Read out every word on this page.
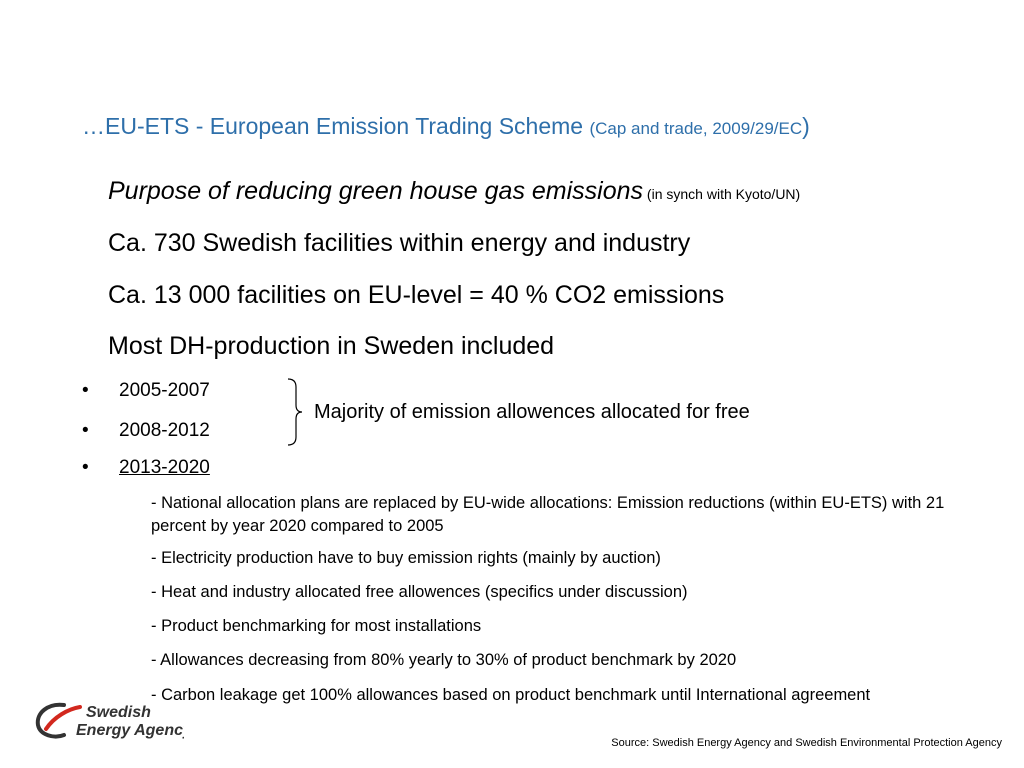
…EU-ETS - European Emission Trading Scheme (Cap and trade, 2009/29/EC)
Purpose of reducing green house gas emissions (in synch with Kyoto/UN)
Ca. 730 Swedish facilities within energy and industry
Ca. 13 000 facilities on EU-level = 40 % CO2 emissions
Most DH-production in Sweden included
• 2005-2007
• 2008-2012
• 2013-2020
Majority of emission allowences allocated for free
- National allocation plans are replaced by EU-wide allocations: Emission reductions (within EU-ETS) with 21 percent by year 2020 compared to 2005
- Electricity production have to buy emission rights (mainly by auction)
- Heat and industry allocated free allowences (specifics under discussion)
- Product benchmarking for most installations
- Allowances decreasing from 80% yearly to 30% of product benchmark by 2020
- Carbon leakage get 100% allowances based on product benchmark until International agreement
Swedish
Energy Agency
Source: Swedish Energy Agency and Swedish Environmental Protection Agency
